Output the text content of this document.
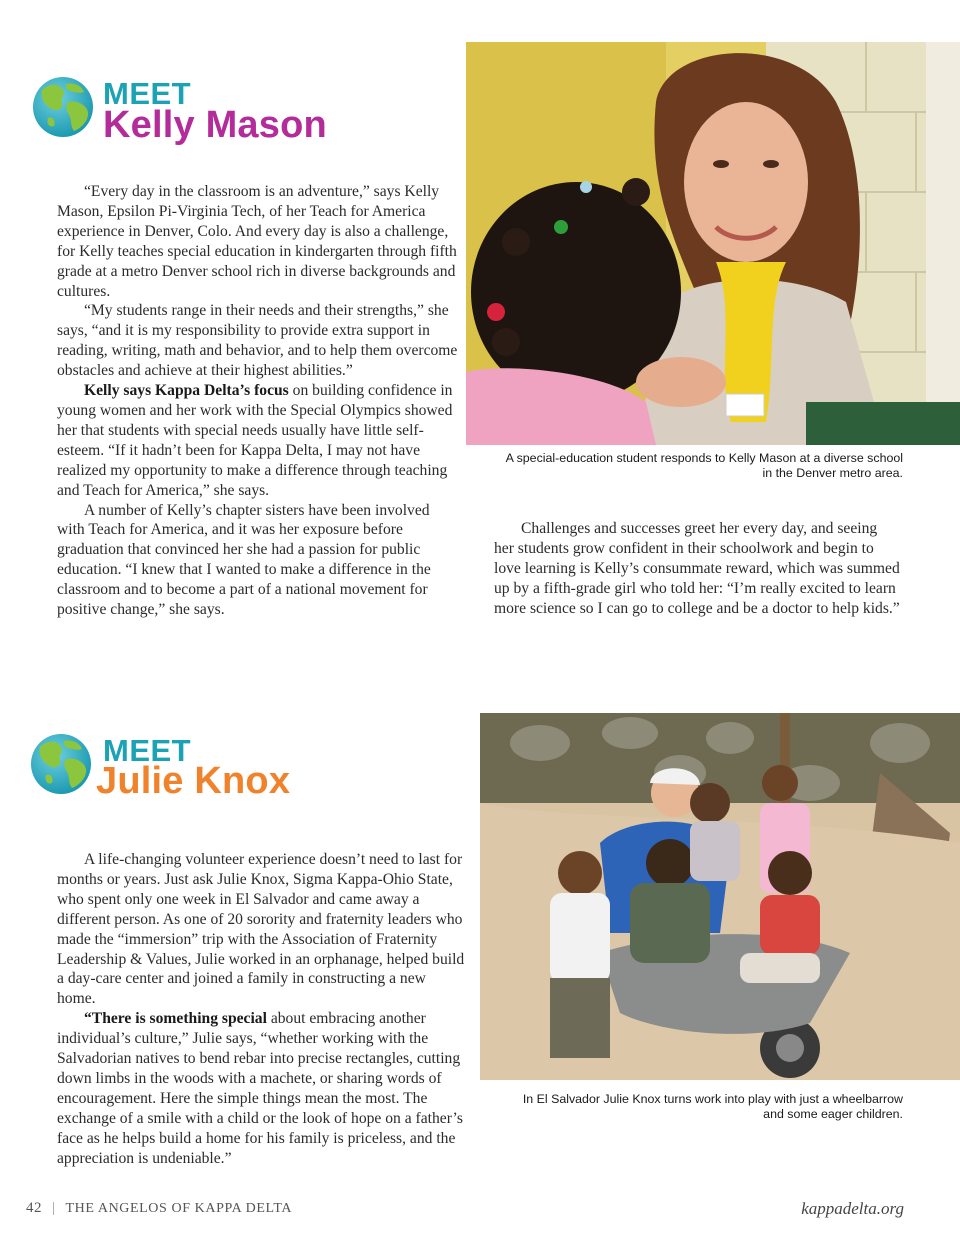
MEET
Kelly Mason

“Every day in the classroom is an adventure,” says Kelly Mason, Epsilon Pi-Virginia Tech, of her Teach for America experience in Denver, Colo. And every day is also a challenge, for Kelly teaches special education in kindergarten through fifth grade at a metro Denver school rich in diverse backgrounds and cultures.

“My students range in their needs and their strengths,” she says, “and it is my responsibility to provide extra support in reading, writing, math and behavior, and to help them overcome obstacles and achieve at their highest abilities.”

Kelly says Kappa Delta’s focus on building confidence in young women and her work with the Special Olympics showed her that students with special needs usually have little self-esteem. “If it hadn’t been for Kappa Delta, I may not have realized my opportunity to make a difference through teaching and Teach for America,” she says.

A number of Kelly’s chapter sisters have been involved with Teach for America, and it was her exposure before graduation that convinced her she had a passion for public education. “I knew that I wanted to make a difference in the classroom and to become a part of a national movement for positive change,” she says.

A special-education student responds to Kelly Mason at a diverse school
in the Denver metro area.

Challenges and successes greet her every day, and seeing her students grow confident in their schoolwork and begin to love learning is Kelly’s consummate reward, which was summed up by a fifth-grade girl who told her: “I’m really excited to learn more science so I can go to college and be a doctor to help kids.”

MEET
Julie Knox

A life-changing volunteer experience doesn’t need to last for months or years. Just ask Julie Knox, Sigma Kappa-Ohio State, who spent only one week in El Salvador and came away a different person. As one of 20 sorority and fraternity leaders who made the “immersion” trip with the Association of Fraternity Leadership & Values, Julie worked in an orphanage, helped build a day-care center and joined a family in constructing a new home.

“There is something special about embracing another individual’s culture,” Julie says, “whether working with the Salvadorian natives to bend rebar into precise rectangles, cutting down limbs in the woods with a machete, or sharing words of encouragement. Here the simple things mean the most. The exchange of a smile with a child or the look of hope on a father’s face as he helps build a home for his family is priceless, and the appreciation is undeniable.”

In El Salvador Julie Knox turns work into play with just a wheelbarrow
and some eager children.
42 | THE ANGELOS OF KAPPA DELTA	kappadelta.org
